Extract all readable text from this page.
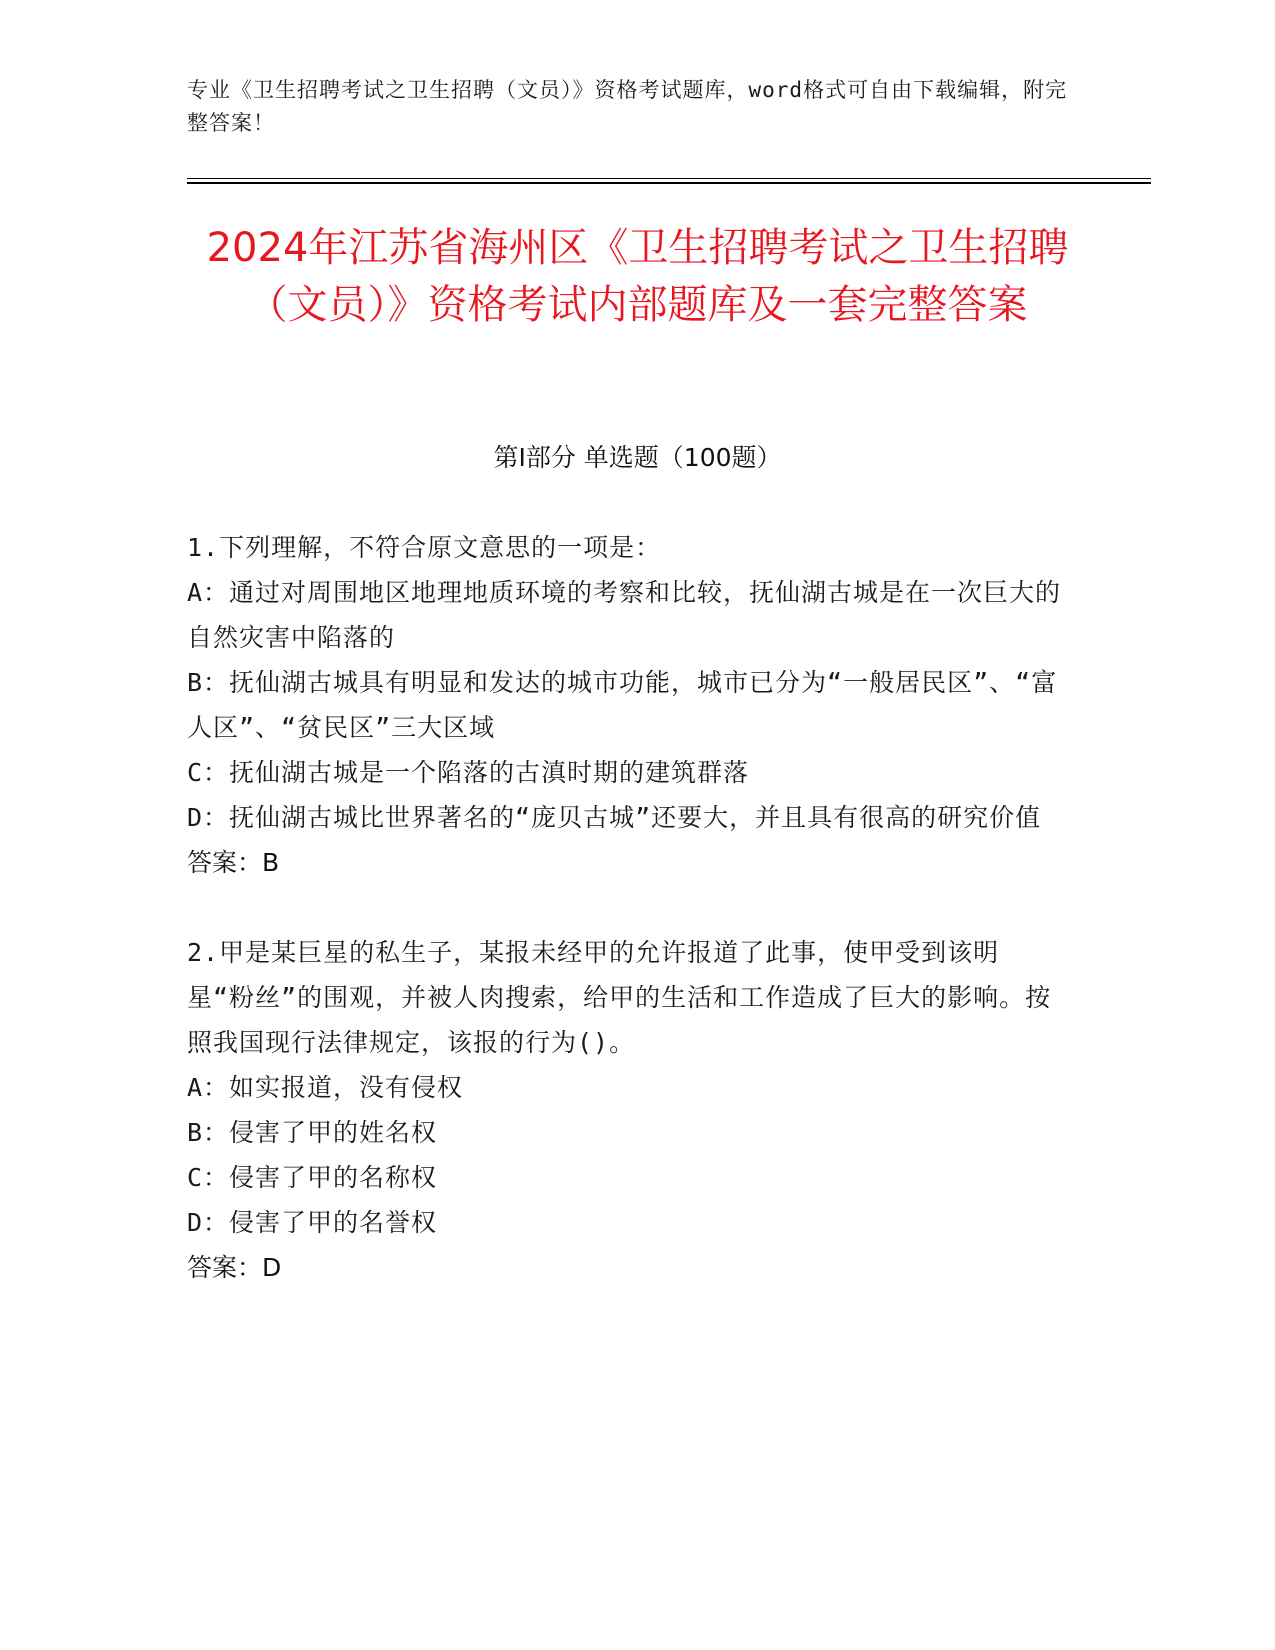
专业《卫生招聘考试之卫生招聘（文员）》资格考试题库，word格式可自由下载编辑，附完整答案！
2024年江苏省海州区《卫生招聘考试之卫生招聘（文员）》资格考试内部题库及一套完整答案
第Ⅰ部分 单选题（100题）

1.下列理解，不符合原文意思的一项是：

A：通过对周围地区地理地质环境的考察和比较，抚仙湖古城是在一次巨大的自然灾害中陷落的

B：抚仙湖古城具有明显和发达的城市功能，城市已分为“一般居民区”、“富人区”、“贫民区”三大区域

C：抚仙湖古城是一个陷落的古滇时期的建筑群落

D：抚仙湖古城比世界著名的“庞贝古城”还要大，并且具有很高的研究价值

答案：B

2.甲是某巨星的私生子，某报未经甲的允许报道了此事，使甲受到该明星“粉丝”的围观，并被人肉搜索，给甲的生活和工作造成了巨大的影响。按照我国现行法律规定，该报的行为()。

A：如实报道，没有侵权

B：侵害了甲的姓名权

C：侵害了甲的名称权

D：侵害了甲的名誉权

答案：D
